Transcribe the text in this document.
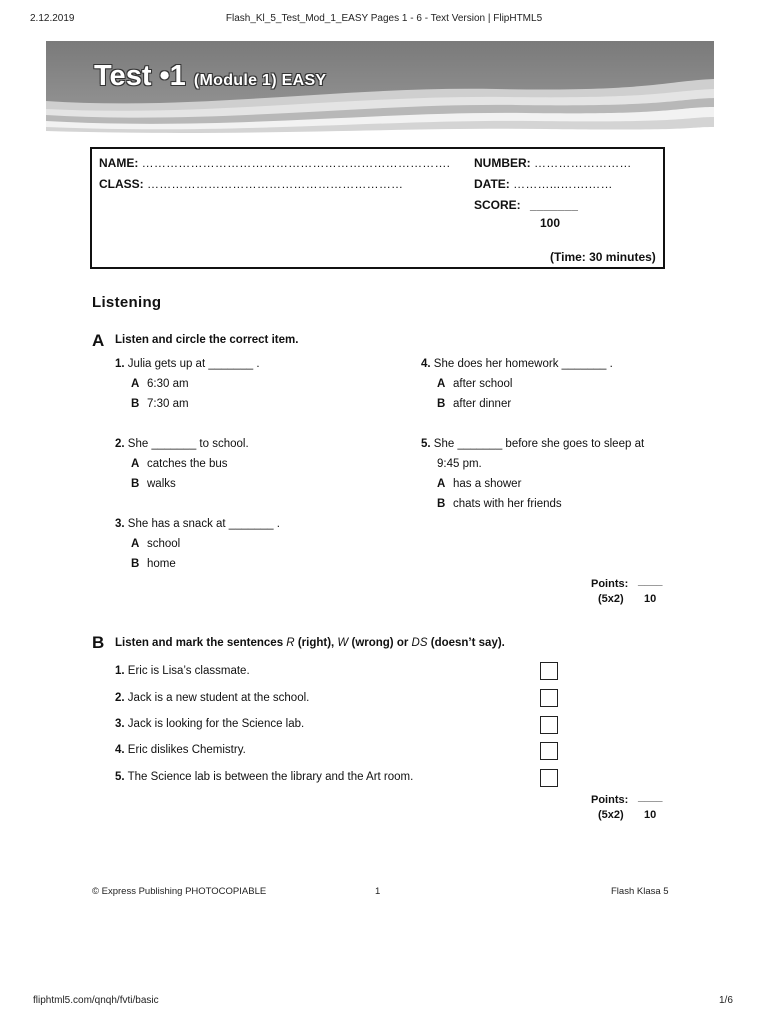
2.12.2019	Flash_Kl_5_Test_Mod_1_EASY Pages 1 - 6 - Text Version | FlipHTML5
Test •1 (Module 1) EASY
NAME: ………………………………………………………………….
CLASS: ………………………………………………………
NUMBER: ……………………
DATE: ………...…….……
SCORE: _______
100
(Time: 30 minutes)
Listening
A Listen and circle the correct item.
1. Julia gets up at _______ .
A 6:30 am
B 7:30 am
2. She _______ to school.
A catches the bus
B walks
3. She has a snack at _______ .
A school
B home
4. She does her homework _______ .
A after school
B after dinner
5. She _______ before she goes to sleep at
9:45 pm.
A has a shower
B chats with her friends
Points: ____
(5x2) 10
B Listen and mark the sentences R (right), W (wrong) or DS (doesn’t say).
1. Eric is Lisa’s classmate.
2. Jack is a new student at the school.
3. Jack is looking for the Science lab.
4. Eric dislikes Chemistry.
5. The Science lab is between the library and the Art room.
Points: ____
(5x2) 10
© Express Publishing PHOTOCOPIABLE	1	Flash Klasa 5
fliphtml5.com/qnqh/fvti/basic	1/6
